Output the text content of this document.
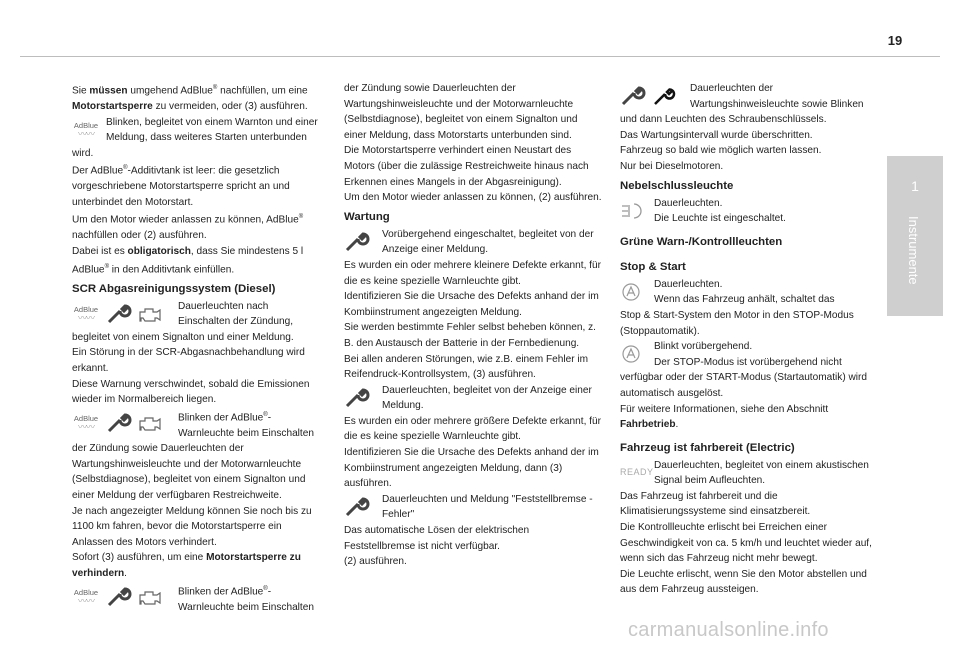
19
1
Instrumente

Sie müssen umgehend AdBlue® nachfüllen, um eine Motorstartsperre zu vermeiden, oder (3) ausführen.

AdBlue
〰〰

Blinken, begleitet von einem Warnton und einer Meldung, dass weiteres Starten unterbunden

wird.

Der AdBlue®-Additivtank ist leer: die gesetzlich vorgeschriebene Motorstartsperre spricht an und unterbindet den Motorstart.

Um den Motor wieder anlassen zu können, AdBlue® nachfüllen oder (2) ausführen.

Dabei ist es obligatorisch, dass Sie mindestens 5 l AdBlue® in den Additivtank einfüllen.

SCR Abgasreinigungssystem (Diesel)
AdBlue
〰〰

Dauerleuchten nach Einschalten der Zündung,

begleitet von einem Signalton und einer Meldung.

Ein Störung in der SCR-Abgasnachbehandlung wird erkannt.

Diese Warnung verschwindet, sobald die Emissionen wieder im Normalbereich liegen.

AdBlue
〰〰

Blinken der AdBlue®-Warnleuchte beim Einschalten

der Zündung sowie Dauerleuchten der Wartungshinweisleuchte und der Motorwarnleuchte (Selbstdiagnose), begleitet von einem Signalton und einer Meldung der verfügbaren Restreichweite.

Je nach angezeigter Meldung können Sie noch bis zu 1100 km fahren, bevor die Motorstartsperre ein Anlassen des Motors verhindert.

Sofort (3) ausführen, um eine Motorstartsperre zu verhindern.

AdBlue
〰〰

Blinken der AdBlue®-Warnleuchte beim Einschalten

der Zündung sowie Dauerleuchten der Wartungshinweisleuchte und der Motorwarnleuchte (Selbstdiagnose), begleitet von einem Signalton und einer Meldung, dass Motorstarts unterbunden sind.

Die Motorstartsperre verhindert einen Neustart des Motors (über die zulässige Restreichweite hinaus nach Erkennen eines Mangels in der Abgasreinigung).

Um den Motor wieder anlassen zu können, (2) ausführen.

Wartung

Vorübergehend eingeschaltet, begleitet von der Anzeige einer Meldung.

Es wurden ein oder mehrere kleinere Defekte erkannt, für die es keine spezielle Warnleuchte gibt.

Identifizieren Sie die Ursache des Defekts anhand der im Kombiinstrument angezeigten Meldung.

Sie werden bestimmte Fehler selbst beheben können, z. B. den Austausch der Batterie in der Fernbedienung.

Bei allen anderen Störungen, wie z.B. einem Fehler im Reifendruck-Kontrollsystem, (3) ausführen.

Dauerleuchten, begleitet von der Anzeige einer Meldung.

Es wurden ein oder mehrere größere Defekte erkannt, für die es keine spezielle Warnleuchte gibt.

Identifizieren Sie die Ursache des Defekts anhand der im Kombiinstrument angezeigten Meldung, dann (3) ausführen.

Dauerleuchten und Meldung "Feststellbremse - Fehler"

Das automatische Lösen der elektrischen Feststellbremse ist nicht verfügbar.

(2) ausführen.

Dauerleuchten der Wartungshinweisleuchte sowie Blinken

und dann Leuchten des Schraubenschlüssels.

Das Wartungsintervall wurde überschritten.

Fahrzeug so bald wie möglich warten lassen.

Nur bei Dieselmotoren.

Nebelschlussleuchte

Dauerleuchten.
Die Leuchte ist eingeschaltet.

Grüne Warn-/Kontrollleuchten
Stop & Start

Dauerleuchten.
Wenn das Fahrzeug anhält, schaltet das

Stop & Start-System den Motor in den STOP-Modus (Stoppautomatik).

Blinkt vorübergehend.
Der STOP-Modus ist vorübergehend nicht

verfügbar oder der START-Modus (Startautomatik) wird automatisch ausgelöst.

Für weitere Informationen, siehe den Abschnitt Fahrbetrieb.

Fahrzeug ist fahrbereit (Electric)
READY

Dauerleuchten, begleitet von einem akustischen Signal beim Aufleuchten.

Das Fahrzeug ist fahrbereit und die Klimatisierungssysteme sind einsatzbereit.

Die Kontrollleuchte erlischt bei Erreichen einer Geschwindigkeit von ca. 5 km/h und leuchtet wieder auf, wenn sich das Fahrzeug nicht mehr bewegt.

Die Leuchte erlischt, wenn Sie den Motor abstellen und aus dem Fahrzeug aussteigen.

carmanualsonline.info
